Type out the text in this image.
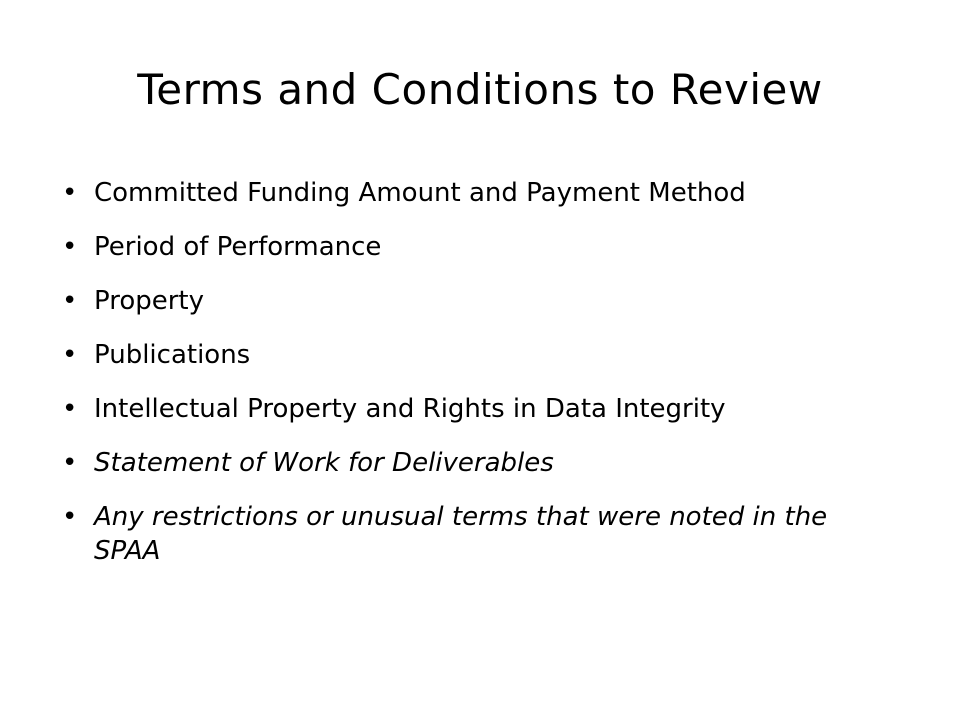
Terms and Conditions to Review
• Committed Funding Amount and Payment Method
• Period of Performance
• Property
• Publications
• Intellectual Property and Rights in Data Integrity
• Statement of Work for Deliverables
• Any restrictions or unusual terms that were noted in the SPAA
